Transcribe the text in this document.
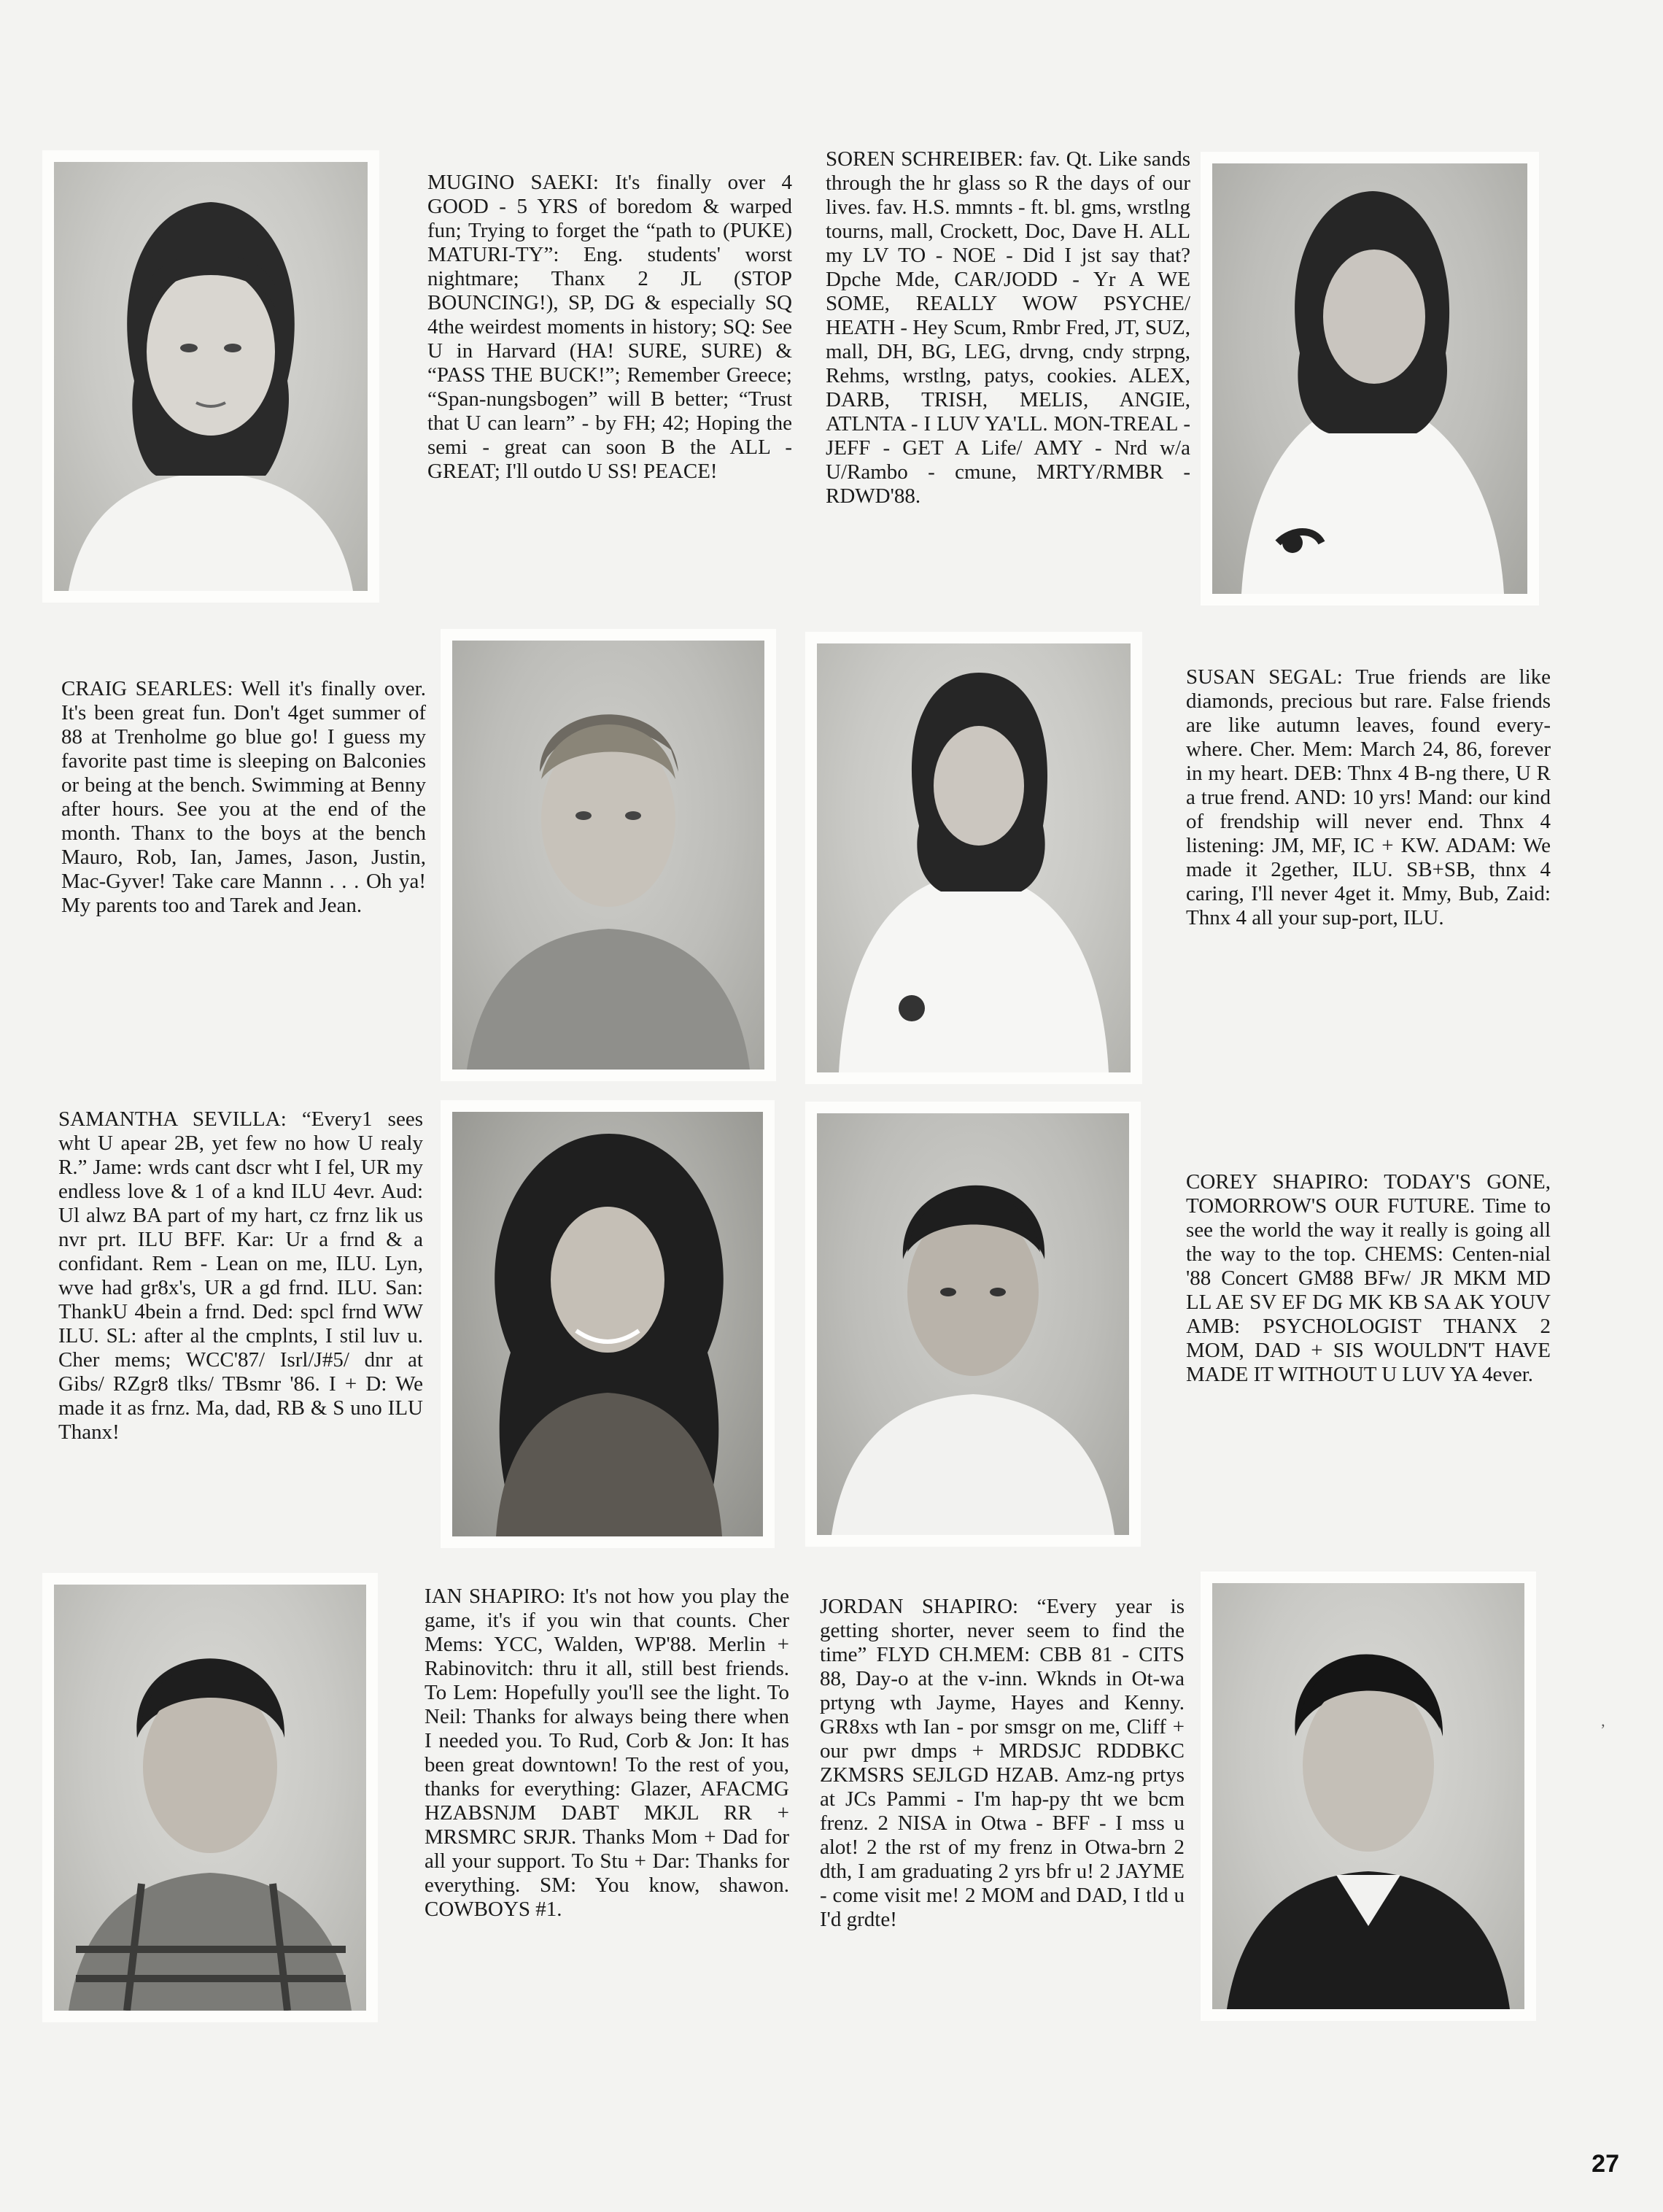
MUGINO SAEKI: It's finally over 4 GOOD - 5 YRS of boredom & warped fun; Trying to forget the “path to (PUKE) MATURI-TY”: Eng. students' worst nightmare; Thanx 2 JL (STOP BOUNCING!), SP, DG & especially SQ 4the weirdest moments in history; SQ: See U in Harvard (HA! SURE, SURE) & “PASS THE BUCK!”; Remember Greece; “Span-nungsbogen” will B better; “Trust that U can learn” - by FH; 42; Hoping the semi - great can soon B the ALL - GREAT; I'll outdo U SS! PEACE!

SOREN SCHREIBER: fav. Qt. Like sands through the hr glass so R the days of our lives. fav. H.S. mmnts - ft. bl. gms, wrstlng tourns, mall, Crockett, Doc, Dave H. ALL my LV TO - NOE - Did I jst say that? Dpche Mde, CAR/JODD - Yr A WE SOME, REALLY WOW PSYCHE/ HEATH - Hey Scum, Rmbr Fred, JT, SUZ, mall, DH, BG, LEG, drvng, cndy strpng, Rehms, wrstlng, patys, cookies. ALEX, DARB, TRISH, MELIS, ANGIE, ATLNTA - I LUV YA'LL. MON-TREAL - JEFF - GET A Life/ AMY - Nrd w/a U/Rambo - cmune, MRTY/RMBR - RDWD'88.

CRAIG SEARLES: Well it's finally over. It's been great fun. Don't 4get summer of 88 at Trenholme go blue go! I guess my favorite past time is sleeping on Balconies or being at the bench. Swimming at Benny after hours. See you at the end of the month. Thanx to the boys at the bench Mauro, Rob, Ian, James, Jason, Justin, Mac-Gyver! Take care Mannn . . . Oh ya! My parents too and Tarek and Jean.

SUSAN SEGAL: True friends are like diamonds, precious but rare. False friends are like autumn leaves, found every-where. Cher. Mem: March 24, 86, forever in my heart. DEB: Thnx 4 B-ng there, U R a true frend. AND: 10 yrs! Mand: our kind of frendship will never end. Thnx 4 listening: JM, MF, IC + KW. ADAM: We made it 2gether, ILU. SB+SB, thnx 4 caring, I'll never 4get it. Mmy, Bub, Zaid: Thnx 4 all your sup-port, ILU.

SAMANTHA SEVILLA: “Every1 sees wht U apear 2B, yet few no how U realy R.” Jame: wrds cant dscr wht I fel, UR my endless love & 1 of a knd ILU 4evr. Aud: Ul alwz BA part of my hart, cz frnz lik us nvr prt. ILU BFF. Kar: Ur a frnd & a confidant. Rem - Lean on me, ILU. Lyn, wve had gr8x's, UR a gd frnd. ILU. San: ThankU 4bein a frnd. Ded: spcl frnd WW ILU. SL: after al the cmplnts, I stil luv u. Cher mems; WCC'87/ Isrl/J#5/ dnr at Gibs/ RZgr8 tlks/ TBsmr '86. I + D: We made it as frnz. Ma, dad, RB & S uno ILU Thanx!

COREY SHAPIRO: TODAY'S GONE, TOMORROW'S OUR FUTURE. Time to see the world the way it really is going all the way to the top. CHEMS: Centen-nial '88 Concert GM88 BFw/ JR MKM MD LL AE SV EF DG MK KB SA AK YOUV AMB: PSYCHOLOGIST THANX 2 MOM, DAD + SIS WOULDN'T HAVE MADE IT WITHOUT U LUV YA 4ever.

IAN SHAPIRO: It's not how you play the game, it's if you win that counts. Cher Mems: YCC, Walden, WP'88. Merlin + Rabinovitch: thru it all, still best friends. To Lem: Hopefully you'll see the light. To Neil: Thanks for always being there when I needed you. To Rud, Corb & Jon: It has been great downtown! To the rest of you, thanks for everything: Glazer, AFACMG HZABSNJM DABT MKJL RR + MRSMRC SRJR. Thanks Mom + Dad for all your support. To Stu + Dar: Thanks for everything. SM: You know, shawon. COWBOYS #1.

JORDAN SHAPIRO: “Every year is getting shorter, never seem to find the time” FLYD CH.MEM: CBB 81 - CITS 88, Day-o at the v-inn. Wknds in Ot-wa prtyng wth Jayme, Hayes and Kenny. GR8xs wth Ian - por smsgr on me, Cliff + our pwr dmps + MRDSJC RDDBKC ZKMSRS SEJLGD HZAB. Amz-ng prtys at JCs Pammi - I'm hap-py tht we bcm frenz. 2 NISA in Otwa - BFF - I mss u alot! 2 the rst of my frenz in Otwa-brn 2 dth, I am graduating 2 yrs bfr u! 2 JAYME - come visit me! 2 MOM and DAD, I tld u I'd grdte!

’
27
